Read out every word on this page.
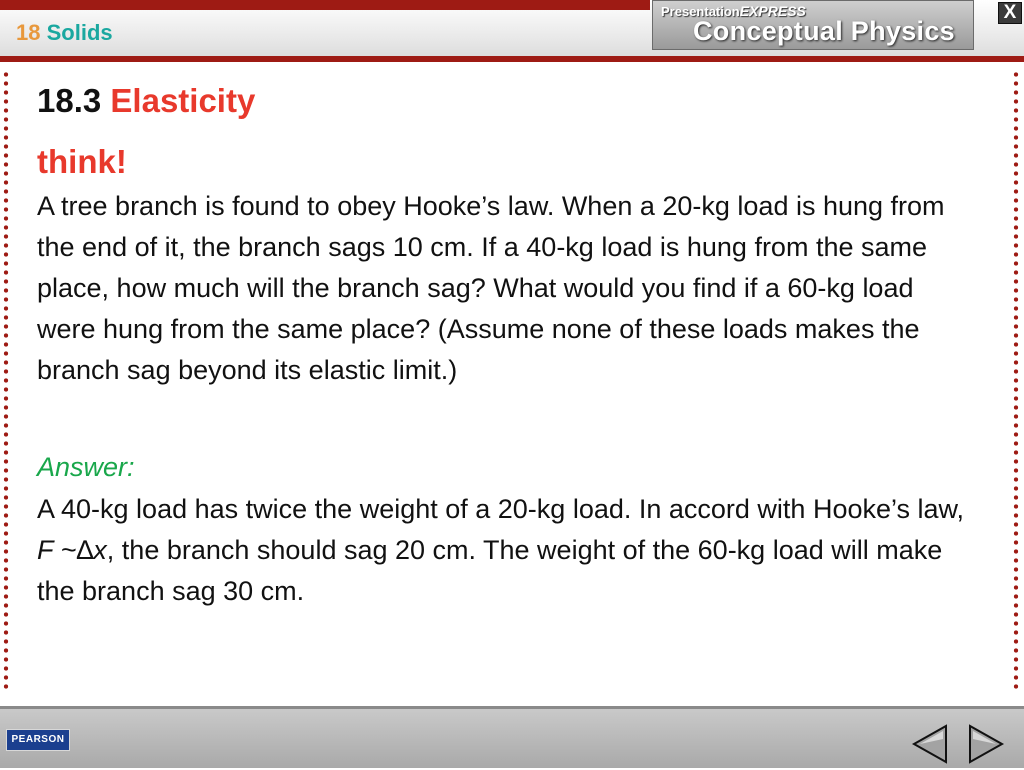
18 Solids
PresentationEXPRESS
Conceptual Physics
X
18.3 Elasticity
think!

A tree branch is found to obey Hooke’s law. When a 20-kg load is hung from the end of it, the branch sags 10 cm. If a 40-kg load is hung from the same place, how much will the branch sag? What would you find if a 60-kg load were hung from the same place? (Assume none of these loads makes the branch sag beyond its elastic limit.)

Answer:

A 40-kg load has twice the weight of a 20-kg load. In accord with Hooke’s law, F ~∆x, the branch should sag 20 cm. The weight of the 60-kg load will make the branch sag 30 cm.

PEARSON
